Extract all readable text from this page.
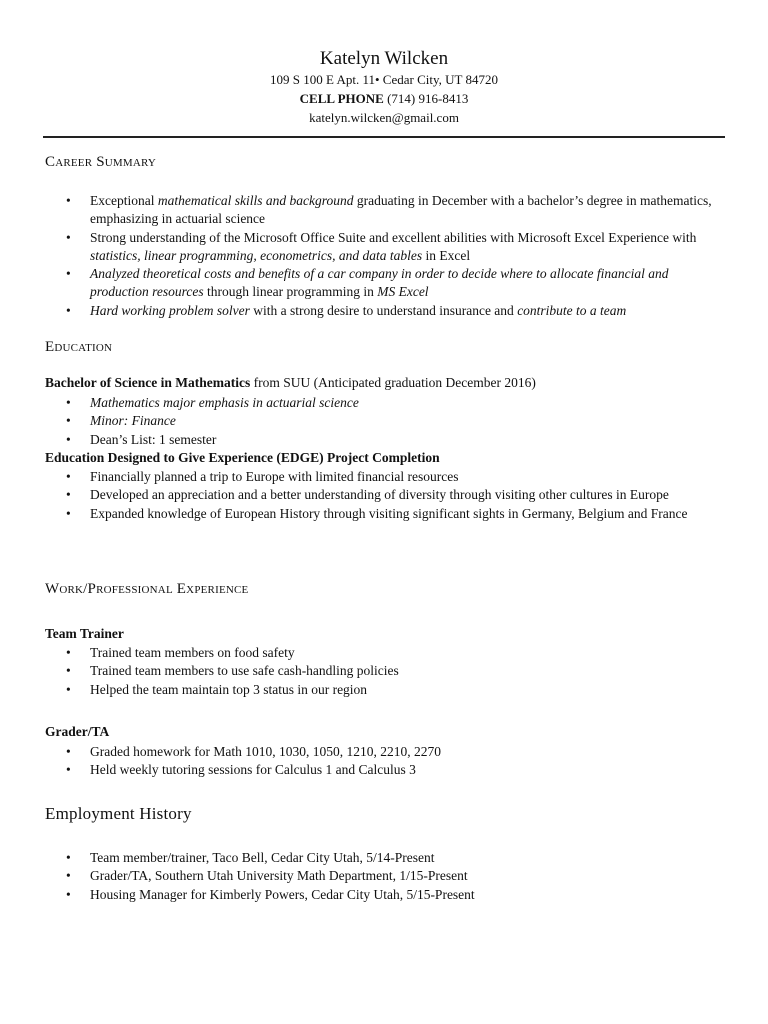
Katelyn Wilcken
109 S 100 E Apt. 11• Cedar City, UT 84720
CELL PHONE (714) 916-8413
katelyn.wilcken@gmail.com
Career Summary
• Exceptional mathematical skills and background graduating in December with a bachelor’s degree in mathematics, emphasizing in actuarial science
• Strong understanding of the Microsoft Office Suite and excellent abilities with Microsoft Excel Experience with statistics, linear programming, econometrics, and data tables in Excel
• Analyzed theoretical costs and benefits of a car company in order to decide where to allocate financial and production resources through linear programming in MS Excel
• Hard working problem solver with a strong desire to understand insurance and contribute to a team
Education
Bachelor of Science in Mathematics from SUU (Anticipated graduation December 2016)
• Mathematics major emphasis in actuarial science
• Minor: Finance
• Dean’s List: 1 semester
Education Designed to Give Experience (EDGE) Project Completion
• Financially planned a trip to Europe with limited financial resources
• Developed an appreciation and a better understanding of diversity through visiting other cultures in Europe
• Expanded knowledge of European History through visiting significant sights in Germany, Belgium and France
Work/Professional Experience
Team Trainer
• Trained team members on food safety
• Trained team members to use safe cash-handling policies
• Helped the team maintain top 3 status in our region
Grader/TA
• Graded homework for Math 1010, 1030, 1050, 1210, 2210, 2270
• Held weekly tutoring sessions for Calculus 1 and Calculus 3
Employment History
• Team member/trainer, Taco Bell, Cedar City Utah, 5/14-Present
• Grader/TA, Southern Utah University Math Department, 1/15-Present
• Housing Manager for Kimberly Powers, Cedar City Utah, 5/15-Present
